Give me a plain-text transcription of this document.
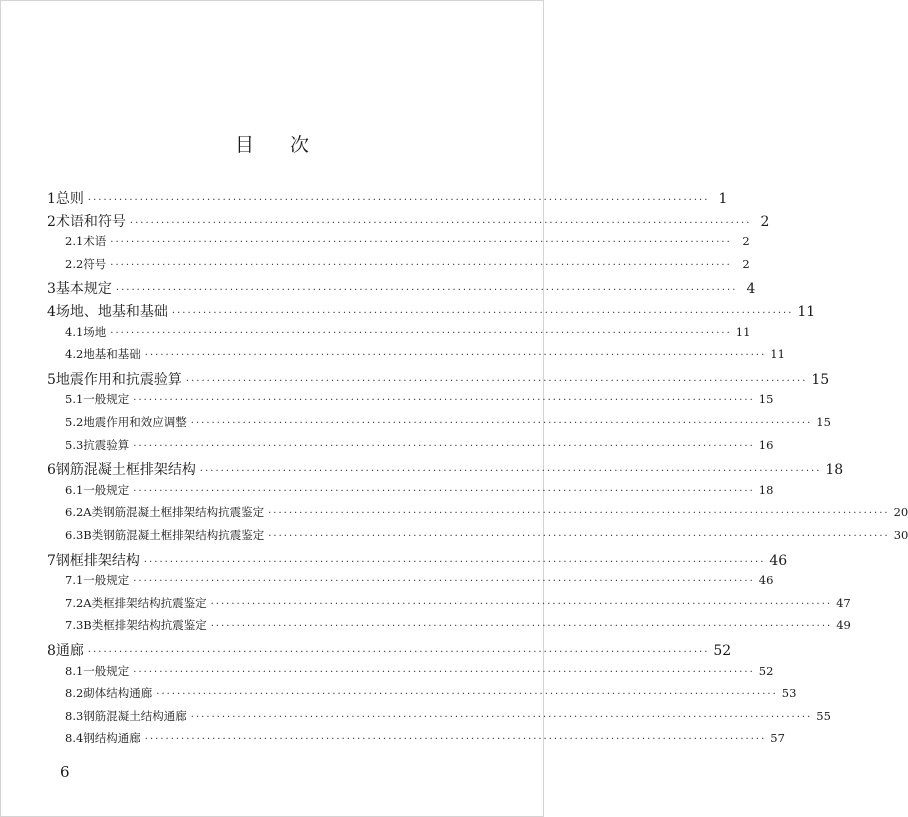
目 次
1 总则 ························································································································ 1
2 术语和符号 ························································································································ 2
2.1 术语 ························································································································ 2
2.2 符号 ························································································································ 2
3 基本规定 ························································································································ 4
4 场地、地基和基础 ························································································································ 11
4.1 场地 ························································································································ 11
4.2 地基和基础 ························································································································ 11
5 地震作用和抗震验算 ························································································································ 15
5.1 一般规定 ························································································································ 15
5.2 地震作用和效应调整 ························································································································ 15
5.3 抗震验算 ························································································································ 16
6 钢筋混凝土框排架结构 ························································································································ 18
6.1 一般规定 ························································································································ 18
6.2 A类钢筋混凝土框排架结构抗震鉴定 ························································································································ 20
6.3 B类钢筋混凝土框排架结构抗震鉴定 ························································································································ 30
7 钢框排架结构 ························································································································ 46
7.1 一般规定 ························································································································ 46
7.2 A类框排架结构抗震鉴定 ························································································································ 47
7.3 B类框排架结构抗震鉴定 ························································································································ 49
8 通廊 ························································································································ 52
8.1 一般规定 ························································································································ 52
8.2 砌体结构通廊 ························································································································ 53
8.3 钢筋混凝土结构通廊 ························································································································ 55
8.4 钢结构通廊 ························································································································ 57
6
